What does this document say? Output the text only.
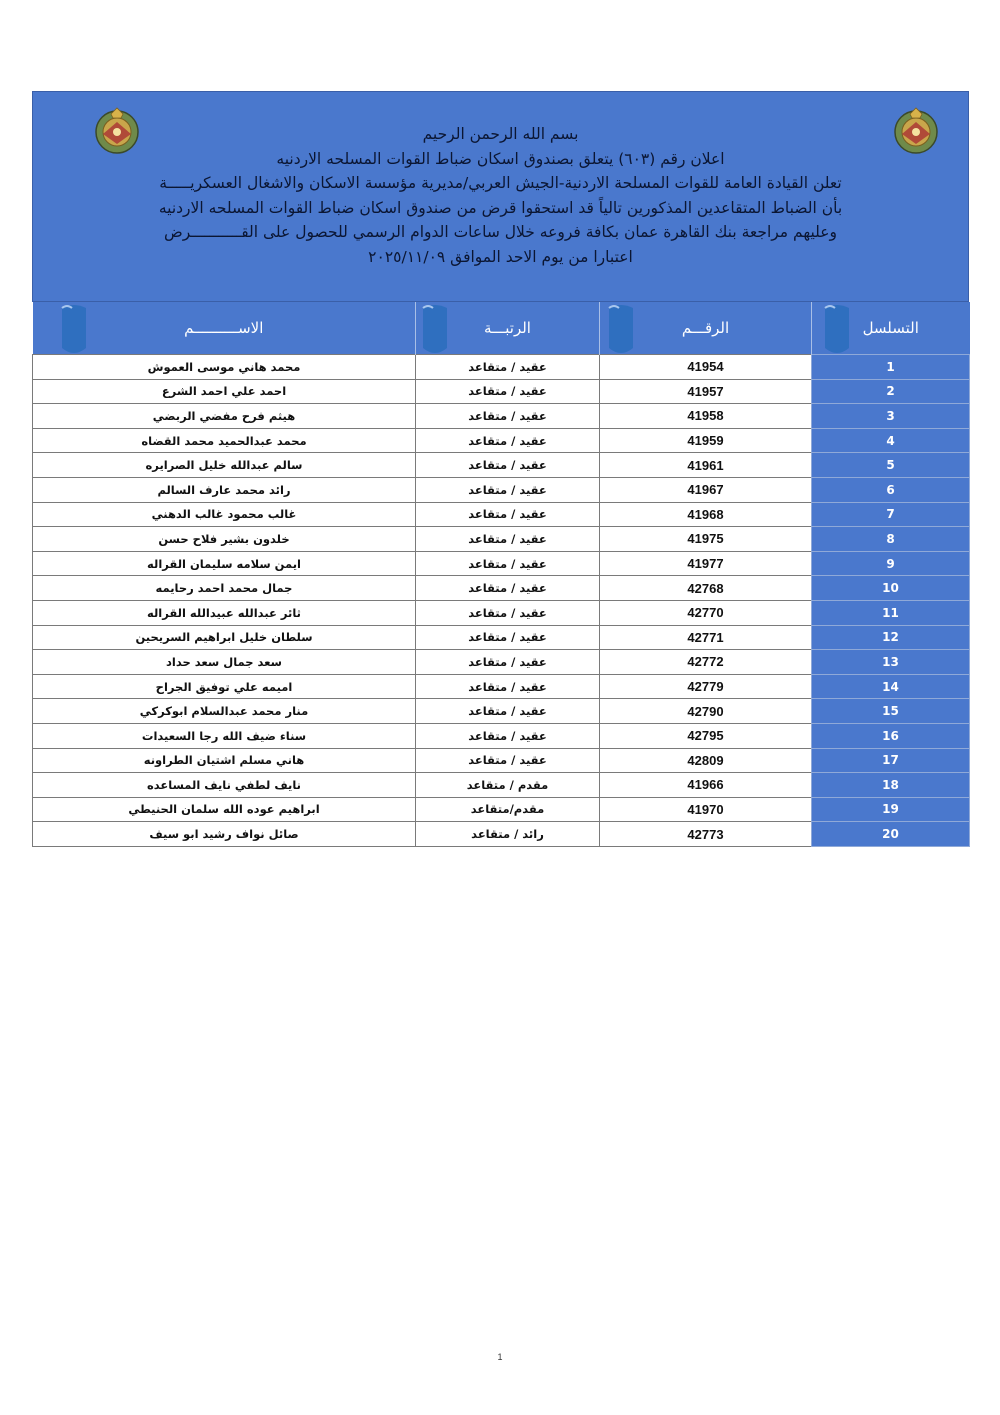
بسم الله الرحمن الرحيم
اعلان رقم (٦٠٣) يتعلق بصندوق اسكان ضباط القوات المسلحه الاردنيه
تعلن القيادة العامة للقوات المسلحة الاردنية-الجيش العربي/مديرية مؤسسة الاسكان والاشغال العسكريـــــة
بأن الضباط المتقاعدين المذكورين تالياً قد استحقوا قرض من صندوق اسكان ضباط القوات المسلحه الاردنيه
وعليهم مراجعة بنك القاهرة عمان بكافة فروعه خلال ساعات الدوام الرسمي للحصول على القـــــــــــرض
اعتبارا من يوم الاحد الموافق ٢٠٢٥/١١/٠٩
التسلسل	الرقـــم	الرتبـــة	الاســــــــــم

1	41954	عقيد / متقاعد	محمد هاني موسى العموش
2	41957	عقيد / متقاعد	احمد علي احمد الشرع
3	41958	عقيد / متقاعد	هيثم فرح مفضي الربضي
4	41959	عقيد / متقاعد	محمد عبدالحميد محمد القضاه
5	41961	عقيد / متقاعد	سالم عبدالله خليل الصرايره
6	41967	عقيد / متقاعد	رائد محمد عارف السالم
7	41968	عقيد / متقاعد	غالب محمود غالب الدهني
8	41975	عقيد / متقاعد	خلدون بشير فلاح حسن
9	41977	عقيد / متقاعد	ايمن سلامه سليمان القراله
10	42768	عقيد / متقاعد	جمال محمد احمد رحايمه
11	42770	عقيد / متقاعد	ثائر عبدالله عبيدالله القراله
12	42771	عقيد / متقاعد	سلطان خليل ابراهيم السريحين
13	42772	عقيد / متقاعد	سعد جمال سعد حداد
14	42779	عقيد / متقاعد	اميمه علي توفيق الجراح
15	42790	عقيد / متقاعد	منار محمد عبدالسلام ابوكركي
16	42795	عقيد / متقاعد	سناء ضيف الله رجا السعيدات
17	42809	عقيد / متقاعد	هاني مسلم اشتيان الطراونه
18	41966	مقدم / متقاعد	نايف لطفي نايف المساعده
19	41970	مقدم/متقاعد	ابراهيم عوده الله سلمان الحنيطي
20	42773	رائد / متقاعد	صائل نواف رشيد ابو سيف
1
